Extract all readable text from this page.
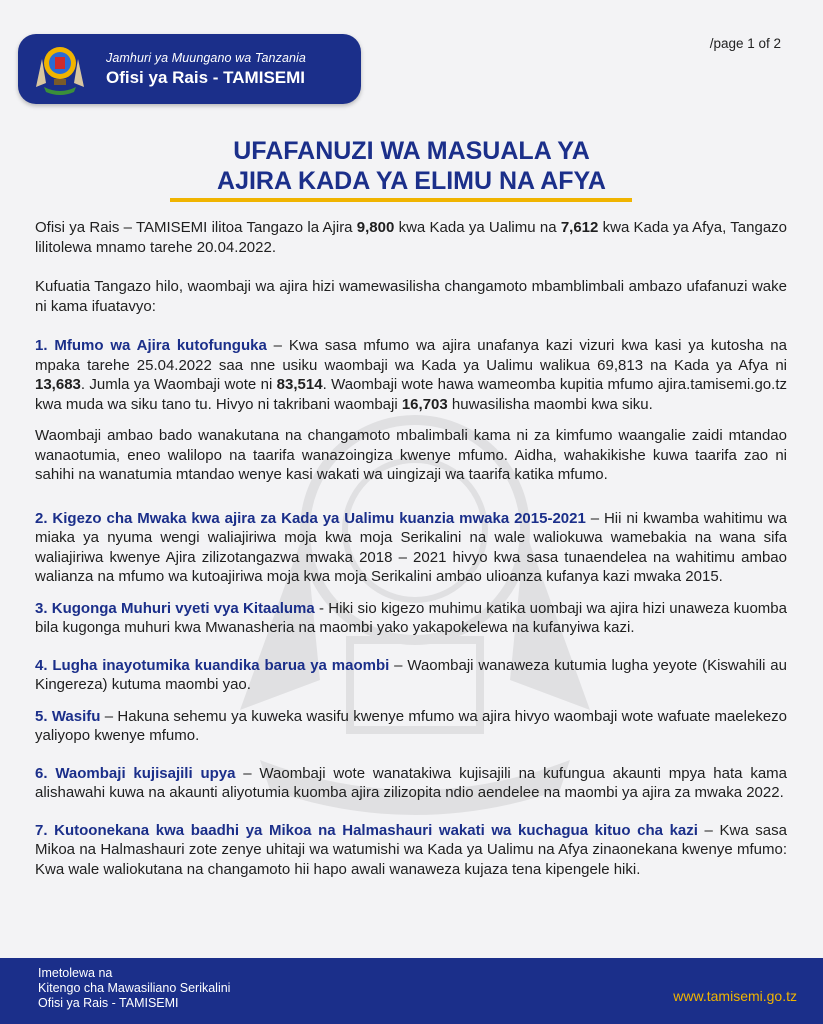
Jamhuri ya Muungano wa Tanzania
Ofisi ya Rais - TAMISEMI
/page 1 of 2
UFAFANUZI WA MASUALA YA
AJIRA KADA YA ELIMU NA AFYA

Ofisi ya Rais – TAMISEMI ilitoa Tangazo la Ajira 9,800 kwa Kada ya Ualimu na 7,612 kwa Kada ya Afya, Tangazo lilitolewa mnamo tarehe 20.04.2022.

Kufuatia Tangazo hilo, waombaji wa ajira hizi wamewasilisha changamoto mbamblimbali ambazo ufafanuzi wake ni kama ifuatavyo:

1. Mfumo wa Ajira kutofunguka – Kwa sasa mfumo wa ajira unafanya kazi vizuri kwa kasi ya kutosha na mpaka tarehe 25.04.2022 saa nne usiku waombaji wa Kada ya Ualimu walikua 69,813 na Kada ya Afya ni 13,683. Jumla ya Waombaji wote ni 83,514. Waombaji wote hawa wameomba kupitia mfumo ajira.tamisemi.go.tz kwa muda wa siku tano tu. Hivyo ni takribani waombaji 16,703 huwasilisha maombi kwa siku.

Waombaji ambao bado wanakutana na changamoto mbalimbali kama ni za kimfumo waangalie zaidi mtandao wanaotumia, eneo walilopo na taarifa wanazoingiza kwenye mfumo. Aidha, wahakikishe kuwa taarifa zao ni sahihi na wanatumia mtandao wenye kasi wakati wa uingizaji wa taarifa katika mfumo.

2. Kigezo cha Mwaka kwa ajira za Kada ya Ualimu kuanzia mwaka 2015-2021 – Hii ni kwamba wahitimu wa miaka ya nyuma wengi waliajiriwa moja kwa moja Serikalini na wale waliokuwa wamebakia na wana sifa waliajiriwa kwenye Ajira zilizotangazwa mwaka 2018 – 2021 hivyo kwa sasa tunaendelea na wahitimu ambao walianza na mfumo wa kutoajiriwa moja kwa moja Serikalini ambao ulioanza kufanya kazi mwaka 2015.

3. Kugonga Muhuri vyeti vya Kitaaluma - Hiki sio kigezo muhimu katika uombaji wa ajira hizi unaweza kuomba bila kugonga muhuri kwa Mwanasheria na maombi yako yakapokelewa na kufanyiwa kazi.

4. Lugha inayotumika kuandika barua ya maombi – Waombaji wanaweza kutumia lugha yeyote (Kiswahili au Kingereza) kutuma maombi yao.

5. Wasifu – Hakuna sehemu ya kuweka wasifu kwenye mfumo wa ajira hivyo waombaji wote wafuate maelekezo yaliyopo kwenye mfumo.

6. Waombaji kujisajili upya – Waombaji wote wanatakiwa kujisajili na kufungua akaunti mpya hata kama alishawahi kuwa na akaunti aliyotumia kuomba ajira zilizopita ndio aendelee na maombi ya ajira za mwaka 2022.

7. Kutoonekana kwa baadhi ya Mikoa na Halmashauri wakati wa kuchagua kituo cha kazi – Kwa sasa Mikoa na Halmashauri zote zenye uhitaji wa watumishi wa Kada ya Ualimu na Afya zinaonekana kwenye mfumo: Kwa wale waliokutana na changamoto hii hapo awali wanaweza kujaza tena kipengele hiki.

Imetolewa na
Kitengo cha Mawasiliano Serikalini
Ofisi ya Rais - TAMISEMI	www.tamisemi.go.tz
